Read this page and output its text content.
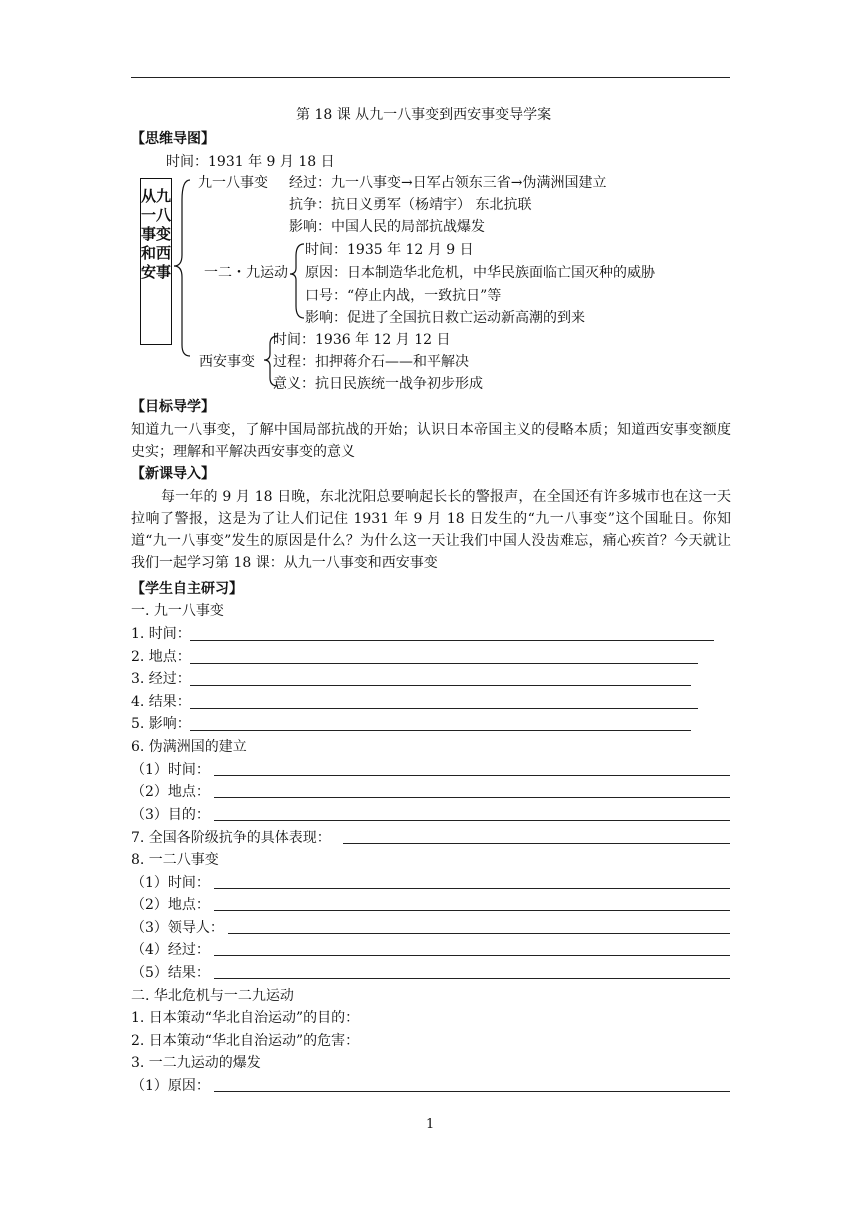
第 18 课 从九一八事变到西安事变导学案
【思维导图】
时间：1931 年 9 月 18 日
从九一八事变和西安事
九一八事变 经过：九一八事变→日军占领东三省→伪满洲国建立
抗争：抗日义勇军（杨靖宇） 东北抗联
影响：中国人民的局部抗战爆发
一二・九运动
时间：1935 年 12 月 9 日
原因：日本制造华北危机，中华民族面临亡国灭种的威胁
口号：“停止内战，一致抗日”等
影响：促进了全国抗日救亡运动新高潮的到来
西安事变
时间：1936 年 12 月 12 日
过程：扣押蒋介石——和平解决
意义：抗日民族统一战争初步形成
【目标导学】
知道九一八事变，了解中国局部抗战的开始；认识日本帝国主义的侵略本质；知道西安事变额度史实；理解和平解决西安事变的意义
【新课导入】
每一年的 9 月 18 日晚，东北沈阳总要响起长长的警报声，在全国还有许多城市也在这一天拉响了警报，这是为了让人们记住 1931 年 9 月 18 日发生的“九一八事变”这个国耻日。你知道“九一八事变”发生的原因是什么？为什么这一天让我们中国人没齿难忘，痛心疾首？今天就让我们一起学习第 18 课：从九一八事变和西安事变
【学生自主研习】
一. 九一八事变
1. 时间：
2. 地点：
3. 经过：
4. 结果：
5. 影响：
6. 伪满洲国的建立
（1）时间：
（2）地点：
（3）目的：
7. 全国各阶级抗争的具体表现：
8. 一二八事变
（1）时间：
（2）地点：
（3）领导人：
（4）经过：
（5）结果：
二. 华北危机与一二九运动
1. 日本策动“华北自治运动”的目的：
2. 日本策动“华北自治运动”的危害：
3. 一二九运动的爆发
（1）原因：
1
